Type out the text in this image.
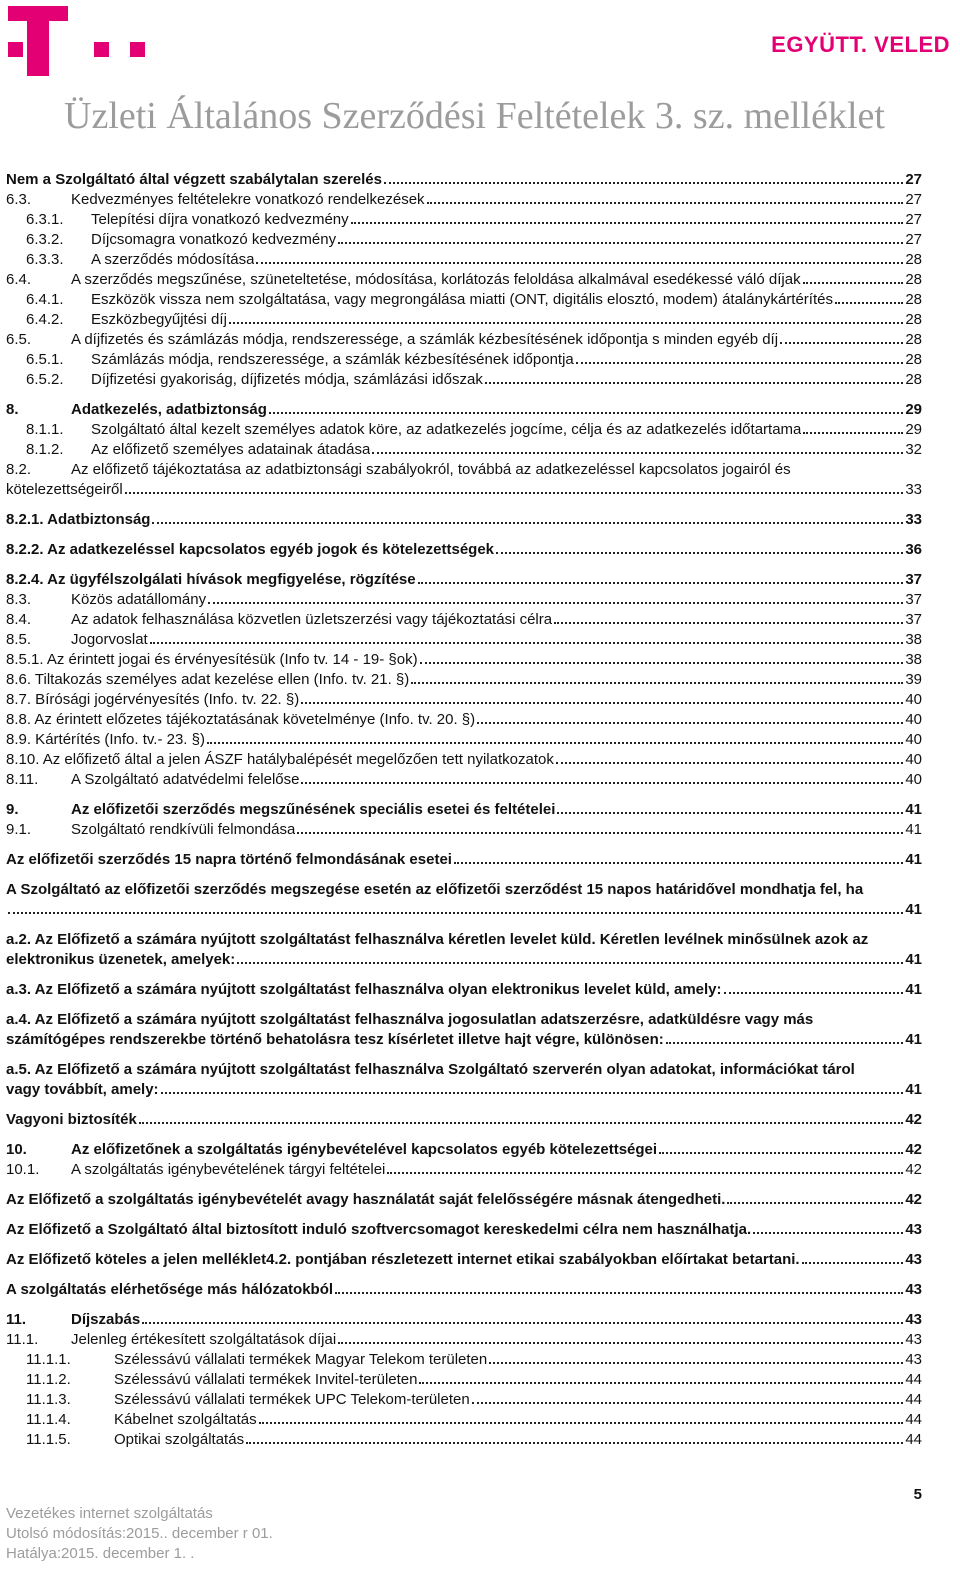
EGYÜTT. VELED
Üzleti Általános Szerződési Feltételek 3. sz. melléklet
Nem a Szolgáltató által végzett szabálytalan szerelés	27
6.3.	Kedvezményes feltételekre vonatkozó rendelkezések	27
6.3.1.	Telepítési díjra vonatkozó kedvezmény	27
6.3.2.	Díjcsomagra vonatkozó kedvezmény	27
6.3.3.	A szerződés módosítása	28
6.4.	A szerződés megszűnése, szüneteltetése, módosítása, korlátozás feloldása alkalmával esedékessé váló díjak	28
6.4.1.	Eszközök vissza nem szolgáltatása, vagy megrongálása miatti (ONT, digitális elosztó, modem) átalánykártérítés	28
6.4.2.	Eszközbegyűjtési díj	28
6.5.	A díjfizetés és számlázás módja, rendszeressége, a számlák kézbesítésének időpontja s minden egyéb díj	28
6.5.1.	Számlázás módja, rendszeressége, a számlák kézbesítésének időpontja	28
6.5.2.	Díjfizetési gyakoriság, díjfizetés módja, számlázási időszak	28
8.	Adatkezelés, adatbiztonság	29
8.1.1.	Szolgáltató által kezelt személyes adatok köre, az adatkezelés jogcíme, célja és az adatkezelés időtartama	29
8.1.2.	Az előfizető személyes adatainak átadása	32
8.2.	Az előfizető tájékoztatása az adatbiztonsági szabályokról, továbbá az adatkezeléssel kapcsolatos jogairól és
kötelezettségeiről	33
8.2.1. Adatbiztonság	33
8.2.2. Az adatkezeléssel kapcsolatos egyéb jogok és kötelezettségek	36
8.2.4. Az ügyfélszolgálati hívások megfigyelése, rögzítése	37
8.3.	Közös adatállomány	37
8.4.	Az adatok felhasználása közvetlen üzletszerzési vagy tájékoztatási célra	37
8.5.	Jogorvoslat	38
8.5.1. Az érintett jogai és érvényesítésük (Info tv. 14 - 19- §ok)	38
8.6. Tiltakozás személyes adat kezelése ellen (Info. tv. 21. §)	39
8.7. Bírósági jogérvényesítés (Info. tv. 22. §)	40
8.8. Az érintett előzetes tájékoztatásának követelménye (Info. tv. 20. §)	40
8.9. Kártérítés (Info. tv.- 23. §)	40
8.10. Az előfizető által a jelen ÁSZF hatálybalépését megelőzően tett nyilatkozatok	40
8.11.	A Szolgáltató adatvédelmi felelőse	40
9.	Az előfizetői szerződés megszűnésének speciális esetei és feltételei	41
9.1.	Szolgáltató rendkívüli felmondása	41
Az előfizetői szerződés 15 napra történő felmondásának esetei	41
A Szolgáltató az előfizetői szerződés megszegése esetén az előfizetői szerződést 15 napos határidővel mondhatja fel, ha
41
a.2. Az Előfizető a számára nyújtott szolgáltatást felhasználva kéretlen levelet küld. Kéretlen levélnek minősülnek azok az
elektronikus üzenetek, amelyek:	41
a.3. Az Előfizető a számára nyújtott szolgáltatást felhasználva olyan elektronikus levelet küld, amely:	41
a.4. Az Előfizető a számára nyújtott szolgáltatást felhasználva jogosulatlan adatszerzésre, adatküldésre vagy más
számítógépes rendszerekbe történő behatolásra tesz kísérletet illetve hajt végre, különösen:	41
a.5. Az Előfizető a számára nyújtott szolgáltatást felhasználva Szolgáltató szerverén olyan adatokat, információkat tárol
vagy továbbít, amely:	41
Vagyoni biztosíték	42
10.	Az előfizetőnek a szolgáltatás igénybevételével kapcsolatos egyéb kötelezettségei	42
10.1.	A szolgáltatás igénybevételének tárgyi feltételei	42
Az Előfizető a szolgáltatás igénybevételét avagy használatát saját felelősségére másnak átengedheti.	42
Az Előfizető a Szolgáltató által biztosított induló szoftvercsomagot kereskedelmi célra nem használhatja.	43
Az Előfizető köteles a jelen melléklet4.2. pontjában részletezett internet etikai szabályokban előírtakat betartani.	43
A szolgáltatás elérhetősége más hálózatokból	43
11.	Díjszabás	43
11.1.	Jelenleg értékesített szolgáltatások díjai	43
11.1.1.	Szélessávú vállalati termékek Magyar Telekom területen	43
11.1.2.	Szélessávú vállalati termékek Invitel-területen	44
11.1.3.	Szélessávú vállalati termékek UPC Telekom-területen	44
11.1.4.	Kábelnet szolgáltatás	44
11.1.5.	Optikai szolgáltatás	44
5
Vezetékes internet szolgáltatás
Utolsó módosítás:2015.. december r 01.
Hatálya:2015. december 1. .
